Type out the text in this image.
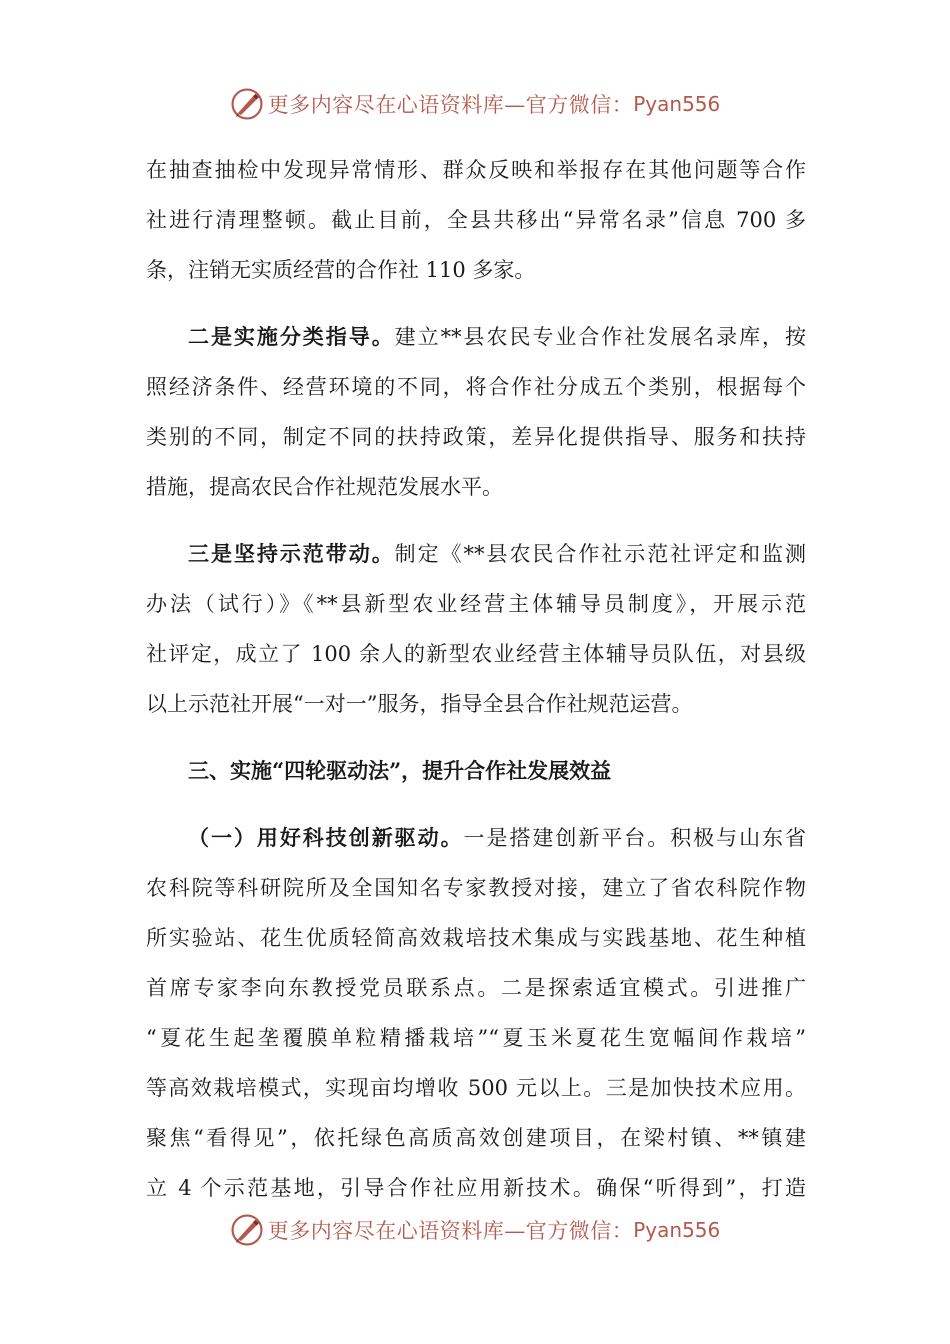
更多内容尽在心语资料库—官方微信： Pyan556
在抽查抽检中发现异常情形、群众反映和举报存在其他问题等合作
社进行清理整顿。截止目前，全县共移出“异常名录”信息 700 多
条，注销无实质经营的合作社 110 多家。
二是实施分类指导。建立**县农民专业合作社发展名录库，按
照经济条件、经营环境的不同，将合作社分成五个类别，根据每个
类别的不同，制定不同的扶持政策，差异化提供指导、服务和扶持
措施，提高农民合作社规范发展水平。
三是坚持示范带动。制定《**县农民合作社示范社评定和监测
办法（试行）》《**县新型农业经营主体辅导员制度》，开展示范
社评定，成立了 100 余人的新型农业经营主体辅导员队伍，对县级
以上示范社开展“一对一”服务，指导全县合作社规范运营。
三、实施“四轮驱动法”，提升合作社发展效益
（一）用好科技创新驱动。一是搭建创新平台。积极与山东省
农科院等科研院所及全国知名专家教授对接，建立了省农科院作物
所实验站、花生优质轻简高效栽培技术集成与实践基地、花生种植
首席专家李向东教授党员联系点。二是探索适宜模式。引进推广
“夏花生起垄覆膜单粒精播栽培”“夏玉米夏花生宽幅间作栽培”
等高效栽培模式，实现亩均增收 500 元以上。三是加快技术应用。
聚焦“看得见”，依托绿色高质高效创建项目，在梁村镇、**镇建
立 4 个示范基地，引导合作社应用新技术。确保“听得到”，打造
更多内容尽在心语资料库—官方微信： Pyan556
